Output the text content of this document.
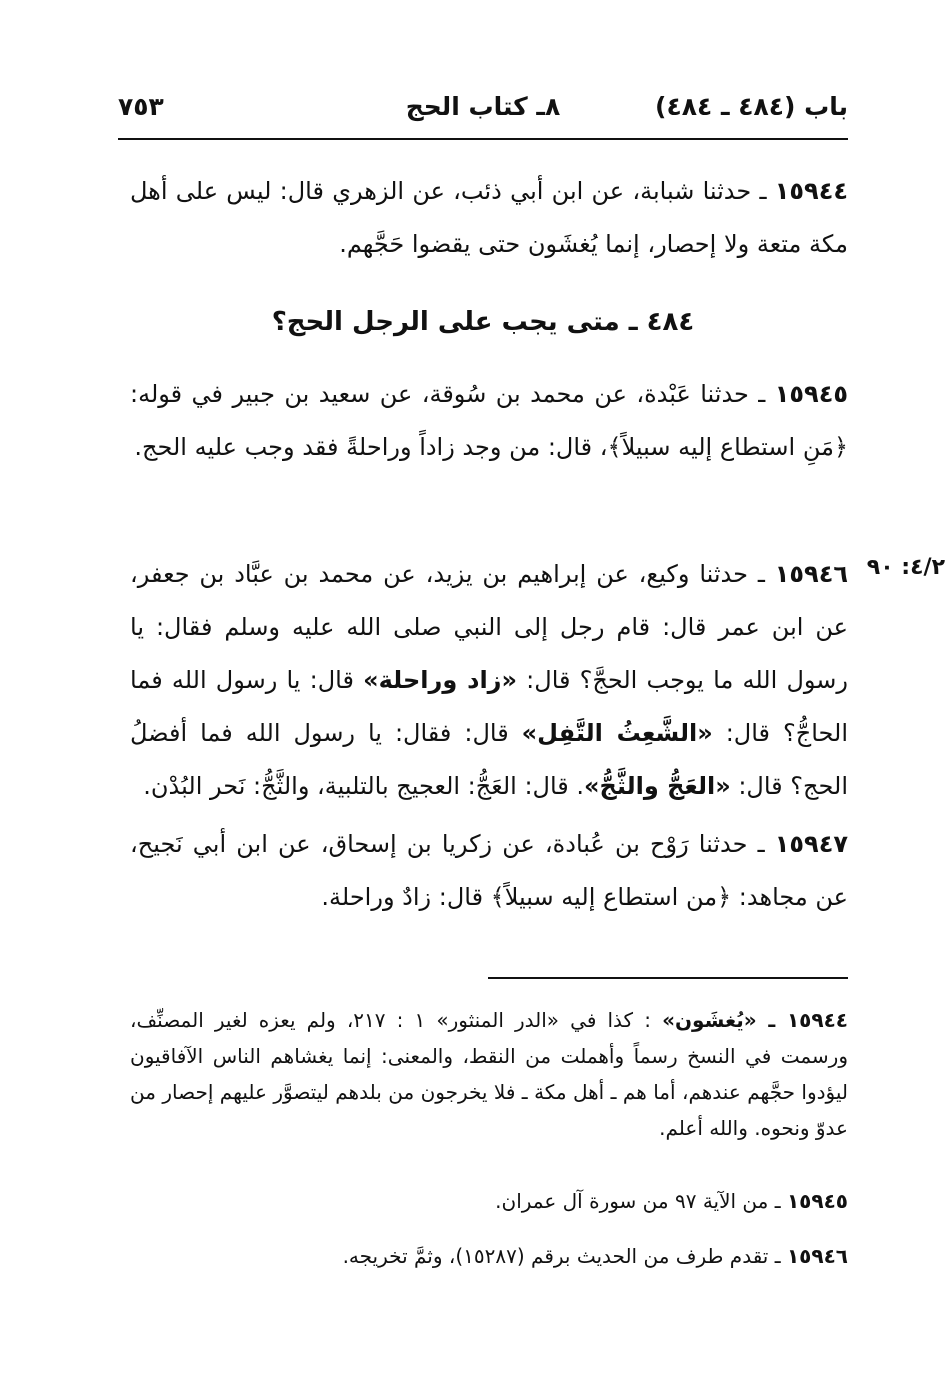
باب (٤٨٤ ـ ٤٨٤)
٨ـ كتاب الحج
٧٥٣
١٥٩٤٤ ـ حدثنا شبابة، عن ابن أبي ذئب، عن الزهري قال: ليس على أهل مكة متعة ولا إحصار، إنما يُغشَون حتى يقضوا حَجَّهم.
٤٨٤ ـ متى يجب على الرجل الحج؟
١٥٩٤٥ ـ حدثنا عَبْدة، عن محمد بن سُوقة، عن سعيد بن جبير في قوله: ﴿مَنِ استطاع إليه سبيلاً﴾، قال: من وجد زاداً وراحلةً فقد وجب عليه الحج.
٤/٢: ٩٠
١٥٩٤٦ ـ حدثنا وكيع، عن إبراهيم بن يزيد، عن محمد بن عبَّاد بن جعفر، عن ابن عمر قال: قام رجل إلى النبي صلى الله عليه وسلم فقال: يا رسول الله ما يوجب الحجَّ؟ قال: «زاد وراحلة» قال: يا رسول الله فما الحاجُّ؟ قال: «الشَّعِثُ التَّفِل» قال: فقال: يا رسول الله فما أفضلُ الحج؟ قال: «العَجُّ والثَّجُّ». قال: العَجُّ: العجيج بالتلبية، والثَّجُّ: نَحر البُدْن.
١٥٩٤٧ ـ حدثنا رَوْح بن عُبادة، عن زكريا بن إسحاق، عن ابن أبي نَجيح، عن مجاهد: ﴿من استطاع إليه سبيلاً﴾ قال: زادٌ وراحلة.
١٥٩٤٤ ـ «يُغشَون» : كذا في «الدر المنثور» ١ : ٢١٧، ولم يعزه لغير المصنِّف، ورسمت في النسخ رسماً وأهملت من النقط، والمعنى: إنما يغشاهم الناس الآفاقيون ليؤدوا حجَّهم عندهم، أما هم ـ أهل مكة ـ فلا يخرجون من بلدهم ليتصوَّر عليهم إحصار من عدوّ ونحوه. والله أعلم.
١٥٩٤٥ ـ من الآية ٩٧ من سورة آل عمران.
١٥٩٤٦ ـ تقدم طرف من الحديث برقم (١٥٢٨٧)، وثمَّ تخريجه.
